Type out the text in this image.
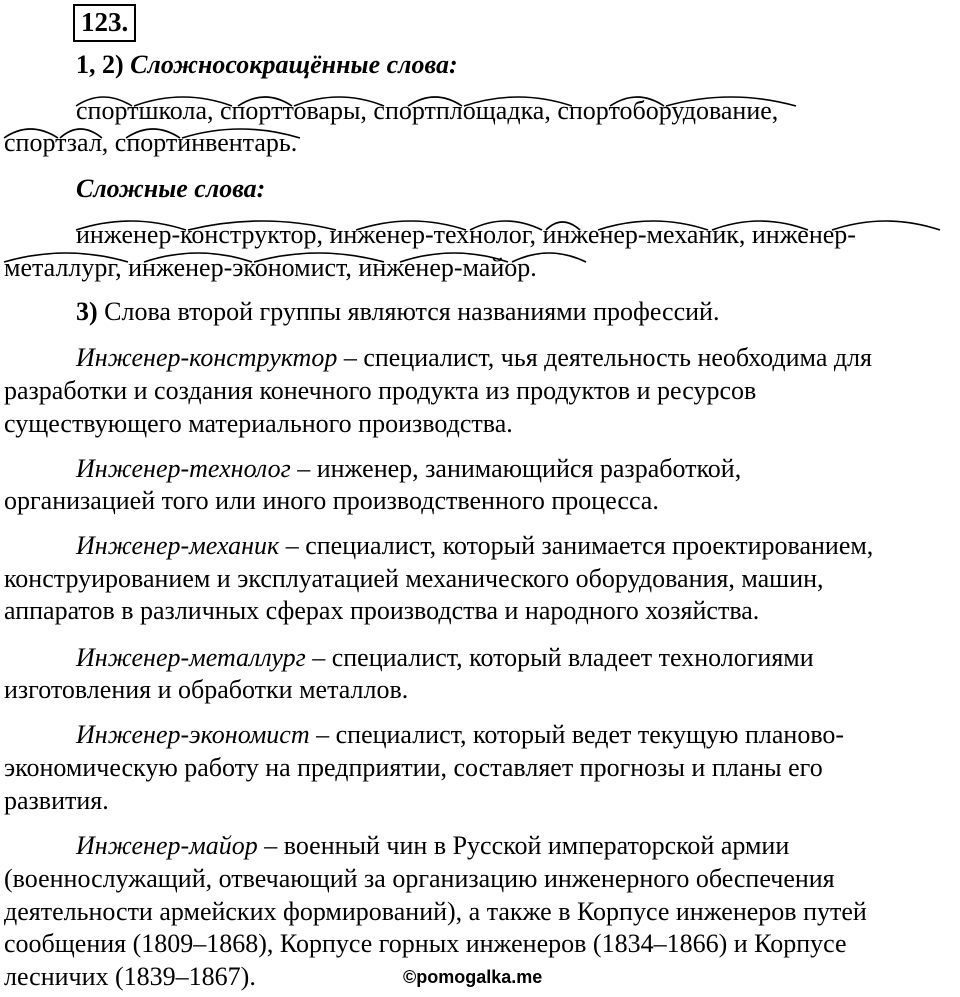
123.
1, 2) Сложносокращённые слова:
спортшкола, спорттовары, спортплощадка, спортоборудование,
спортзал, спортинвентарь.
Сложные слова:
инженер-конструктор, инженер-технолог, инженер-механик, инженер-
металлург, инженер-экономист, инженер-майор.
3) Слова второй группы являются названиями профессий.
Инженер-конструктор – специалист, чья деятельность необходима для
разработки и создания конечного продукта из продуктов и ресурсов
существующего материального производства.
Инженер-технолог – инженер, занимающийся разработкой,
организацией того или иного производственного процесса.
Инженер-механик – специалист, который занимается проектированием,
конструированием и эксплуатацией механического оборудования, машин,
аппаратов в различных сферах производства и народного хозяйства.
Инженер-металлург – специалист, который владеет технологиями
изготовления и обработки металлов.
Инженер-экономист – специалист, который ведет текущую планово-
экономическую работу на предприятии, составляет прогнозы и планы его
развития.
Инженер-майор – военный чин в Русской императорской армии
(военнослужащий, отвечающий за организацию инженерного обеспечения
деятельности армейских формирований), а также в Корпусе инженеров путей
сообщения (1809–1868), Корпусе горных инженеров (1834–1866) и Корпусе
лесничих (1839–1867).	©pomogalka.me
